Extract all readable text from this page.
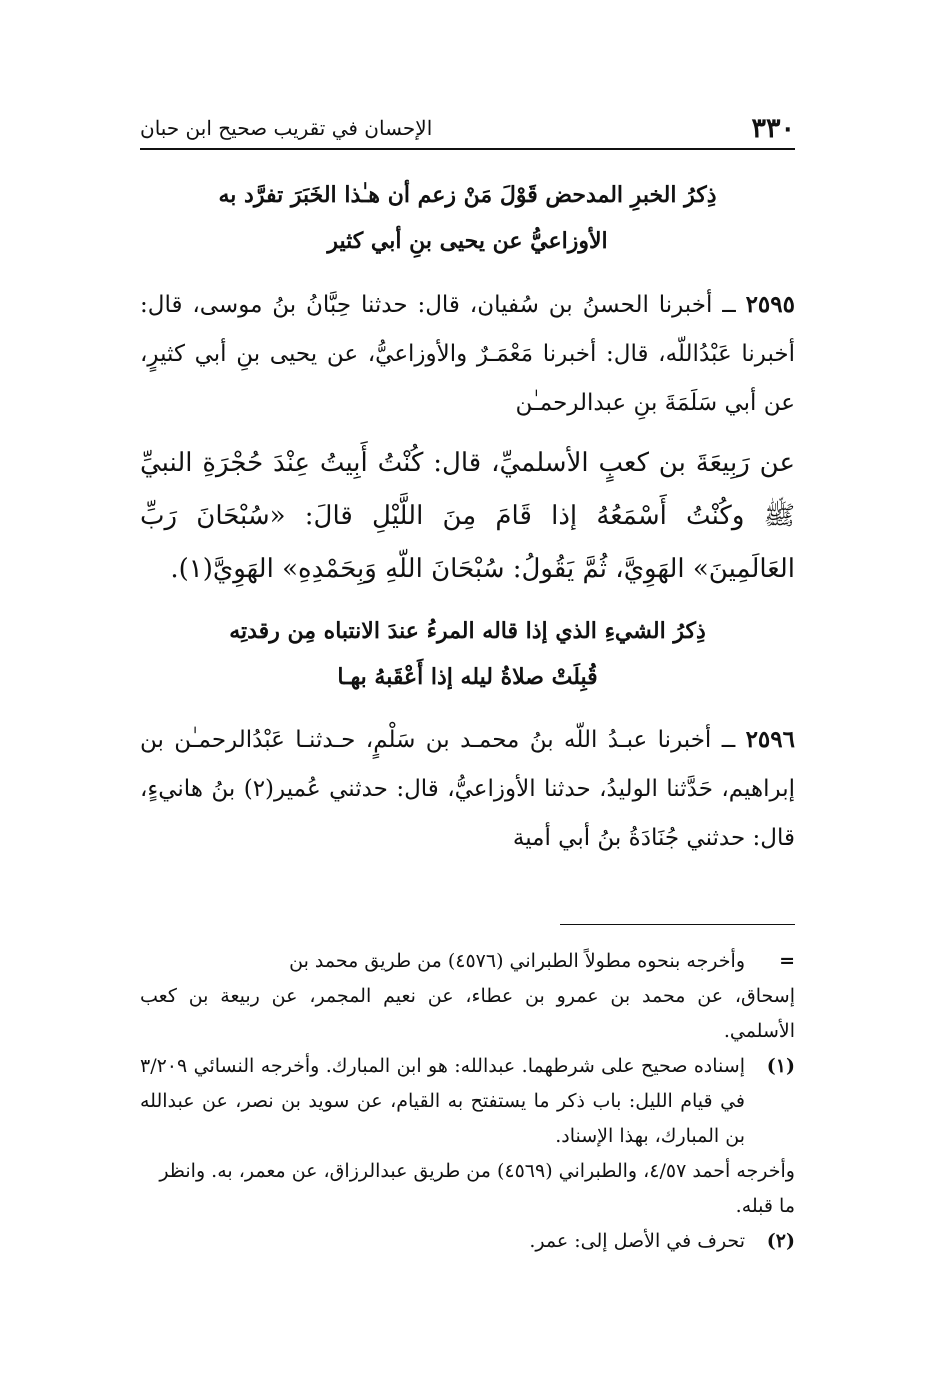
٣٣٠
الإحسان في تقريب صحيح ابن حبان
ذِكرُ الخبرِ المدحض قَوْلَ مَنْ زعم أن هـٰذا الخَبَرَ تفرَّد به
الأوزاعيُّ عن يحيى بنِ أبي كثير
٢٥٩٥ ــ أخبرنا الحسنُ بن سُفيان، قال: حدثنا حِبَّانُ بنُ موسى، قال: أخبرنا عَبْدُاللّه، قال: أخبرنا مَعْمَـرٌ والأوزاعيُّ، عن يحيى بنِ أبي كثيرٍ، عن أبي سَلَمَةَ بنِ عبدالرحمـٰن
عن رَبِيعَةَ بن كعبٍ الأسلميِّ، قال: كُنْتُ أَبِيتُ عِنْدَ حُجْرَةِ النبيِّ ﷺ وكُنْتُ أَسْمَعُهُ إذا قَامَ مِنَ اللَّيْلِ قالَ: «سُبْحَانَ رَبِّ العَالَمِينَ» الهَوِيَّ، ثُمَّ يَقُولُ: سُبْحَانَ اللّهِ وَبِحَمْدِهِ» الهَوِيَّ(١).
ذِكرُ الشيءِ الذي إذا قاله المرءُ عندَ الانتباه مِن رقدتِه
قُبِلَتْ صلاةُ ليله إذا أَعْقَبهُ بهـا
٢٥٩٦ ــ أخبرنا عبـدُ اللّه بنُ محمـد بن سَلْمٍ، حـدثنـا عَبْدُالرحمـٰن بن إبراهيم، حَدَّثنا الوليدُ، حدثنا الأوزاعيُّ، قال: حدثني عُمير(٢) بنُ هانيءٍ، قال: حدثني جُنَادَةُ بنُ أبي أمية
=
وأخرجه بنحوه مطولاً الطبراني (٤٥٧٦) من طريق محمد بن
إسحاق، عن محمد بن عمرو بن عطاء، عن نعيم المجمر، عن ربيعة بن كعب الأسلمي.
(١)
إسناده صحيح على شرطهما. عبدالله: هو ابن المبارك. وأخرجه النسائي ٣/٢٠٩ في قيام الليل: باب ذكر ما يستفتح به القيام، عن سويد بن نصر، عن عبدالله بن المبارك، بهذا الإسناد.
وأخرجه أحمد ٤/٥٧، والطبراني (٤٥٦٩) من طريق عبدالرزاق، عن معمر، به. وانظر ما قبله.
(٢)
تحرف في الأصل إلى: عمر.
